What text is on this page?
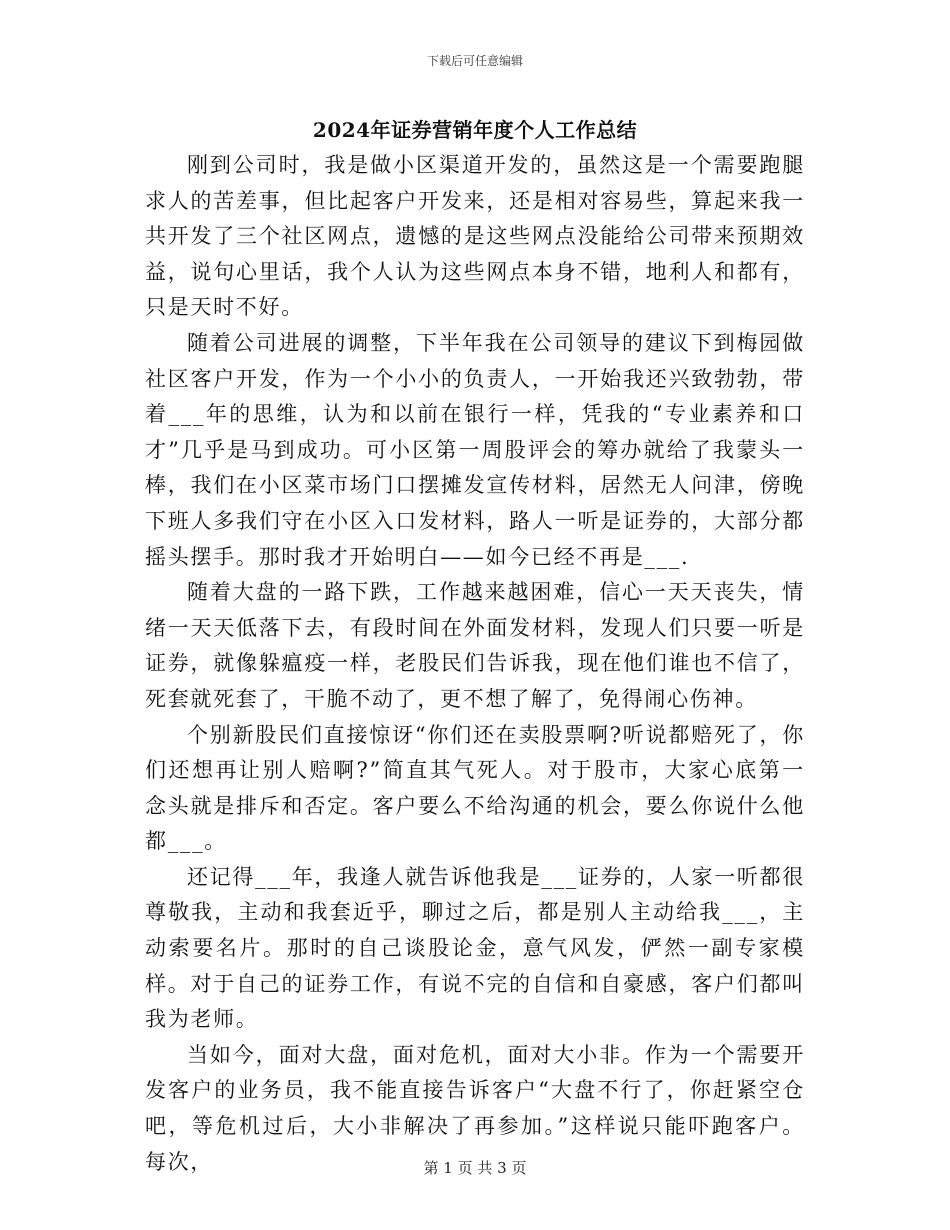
下载后可任意编辑
2024年证券营销年度个人工作总结

刚到公司时，我是做小区渠道开发的，虽然这是一个需要跑腿求人的苦差事，但比起客户开发来，还是相对容易些，算起来我一共开发了三个社区网点，遗憾的是这些网点没能给公司带来预期效益，说句心里话，我个人认为这些网点本身不错，地利人和都有，只是天时不好。

随着公司进展的调整，下半年我在公司领导的建议下到梅园做社区客户开发，作为一个小小的负责人，一开始我还兴致勃勃，带着___年的思维，认为和以前在银行一样，凭我的“专业素养和口才”几乎是马到成功。可小区第一周股评会的筹办就给了我蒙头一棒，我们在小区菜市场门口摆摊发宣传材料，居然无人问津，傍晚下班人多我们守在小区入口发材料，路人一听是证券的，大部分都摇头摆手。那时我才开始明白——如今已经不再是___.

随着大盘的一路下跌，工作越来越困难，信心一天天丧失，情绪一天天低落下去，有段时间在外面发材料，发现人们只要一听是证券，就像躲瘟疫一样，老股民们告诉我，现在他们谁也不信了，死套就死套了，干脆不动了，更不想了解了，免得闹心伤神。

个别新股民们直接惊讶“你们还在卖股票啊?听说都赔死了，你们还想再让别人赔啊?”简直其气死人。对于股市，大家心底第一念头就是排斥和否定。客户要么不给沟通的机会，要么你说什么他都___。

还记得___年，我逢人就告诉他我是___证券的，人家一听都很尊敬我，主动和我套近乎，聊过之后，都是别人主动给我___，主动索要名片。那时的自己谈股论金，意气风发，俨然一副专家模样。对于自己的证券工作，有说不完的自信和自豪感，客户们都叫我为老师。

当如今，面对大盘，面对危机，面对大小非。作为一个需要开发客户的业务员，我不能直接告诉客户“大盘不行了，你赶紧空仓吧，等危机过后，大小非解决了再参加。”这样说只能吓跑客户。每次，	第 1 页 共 3 页
